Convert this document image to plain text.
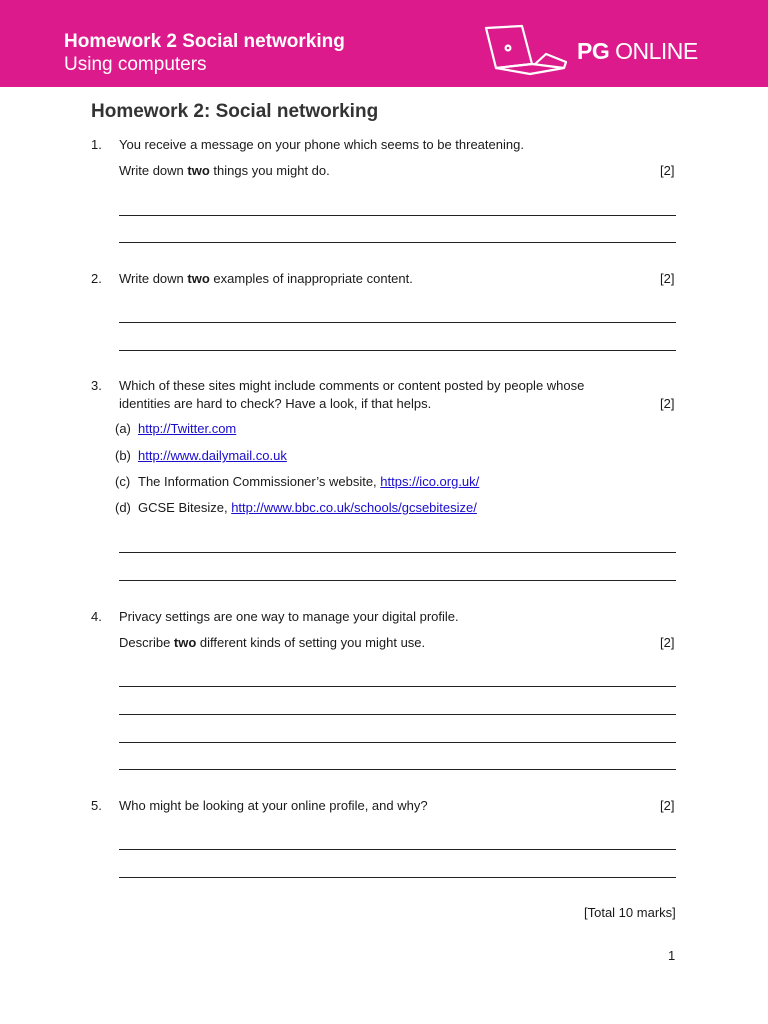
Homework 2 Social networking
Using computers
PG ONLINE
Homework 2: Social networking
1. You receive a message on your phone which seems to be threatening.
Write down two things you might do.	[2]
2. Write down two examples of inappropriate content.	[2]
3. Which of these sites might include comments or content posted by people whose
identities are hard to check? Have a look, if that helps.	[2]
(a) http://Twitter.com
(b) http://www.dailymail.co.uk
(c) The Information Commissioner’s website, https://ico.org.uk/
(d) GCSE Bitesize, http://www.bbc.co.uk/schools/gcsebitesize/
4. Privacy settings are one way to manage your digital profile.
Describe two different kinds of setting you might use.	[2]
5. Who might be looking at your online profile, and why?	[2]
[Total 10 marks]
1
